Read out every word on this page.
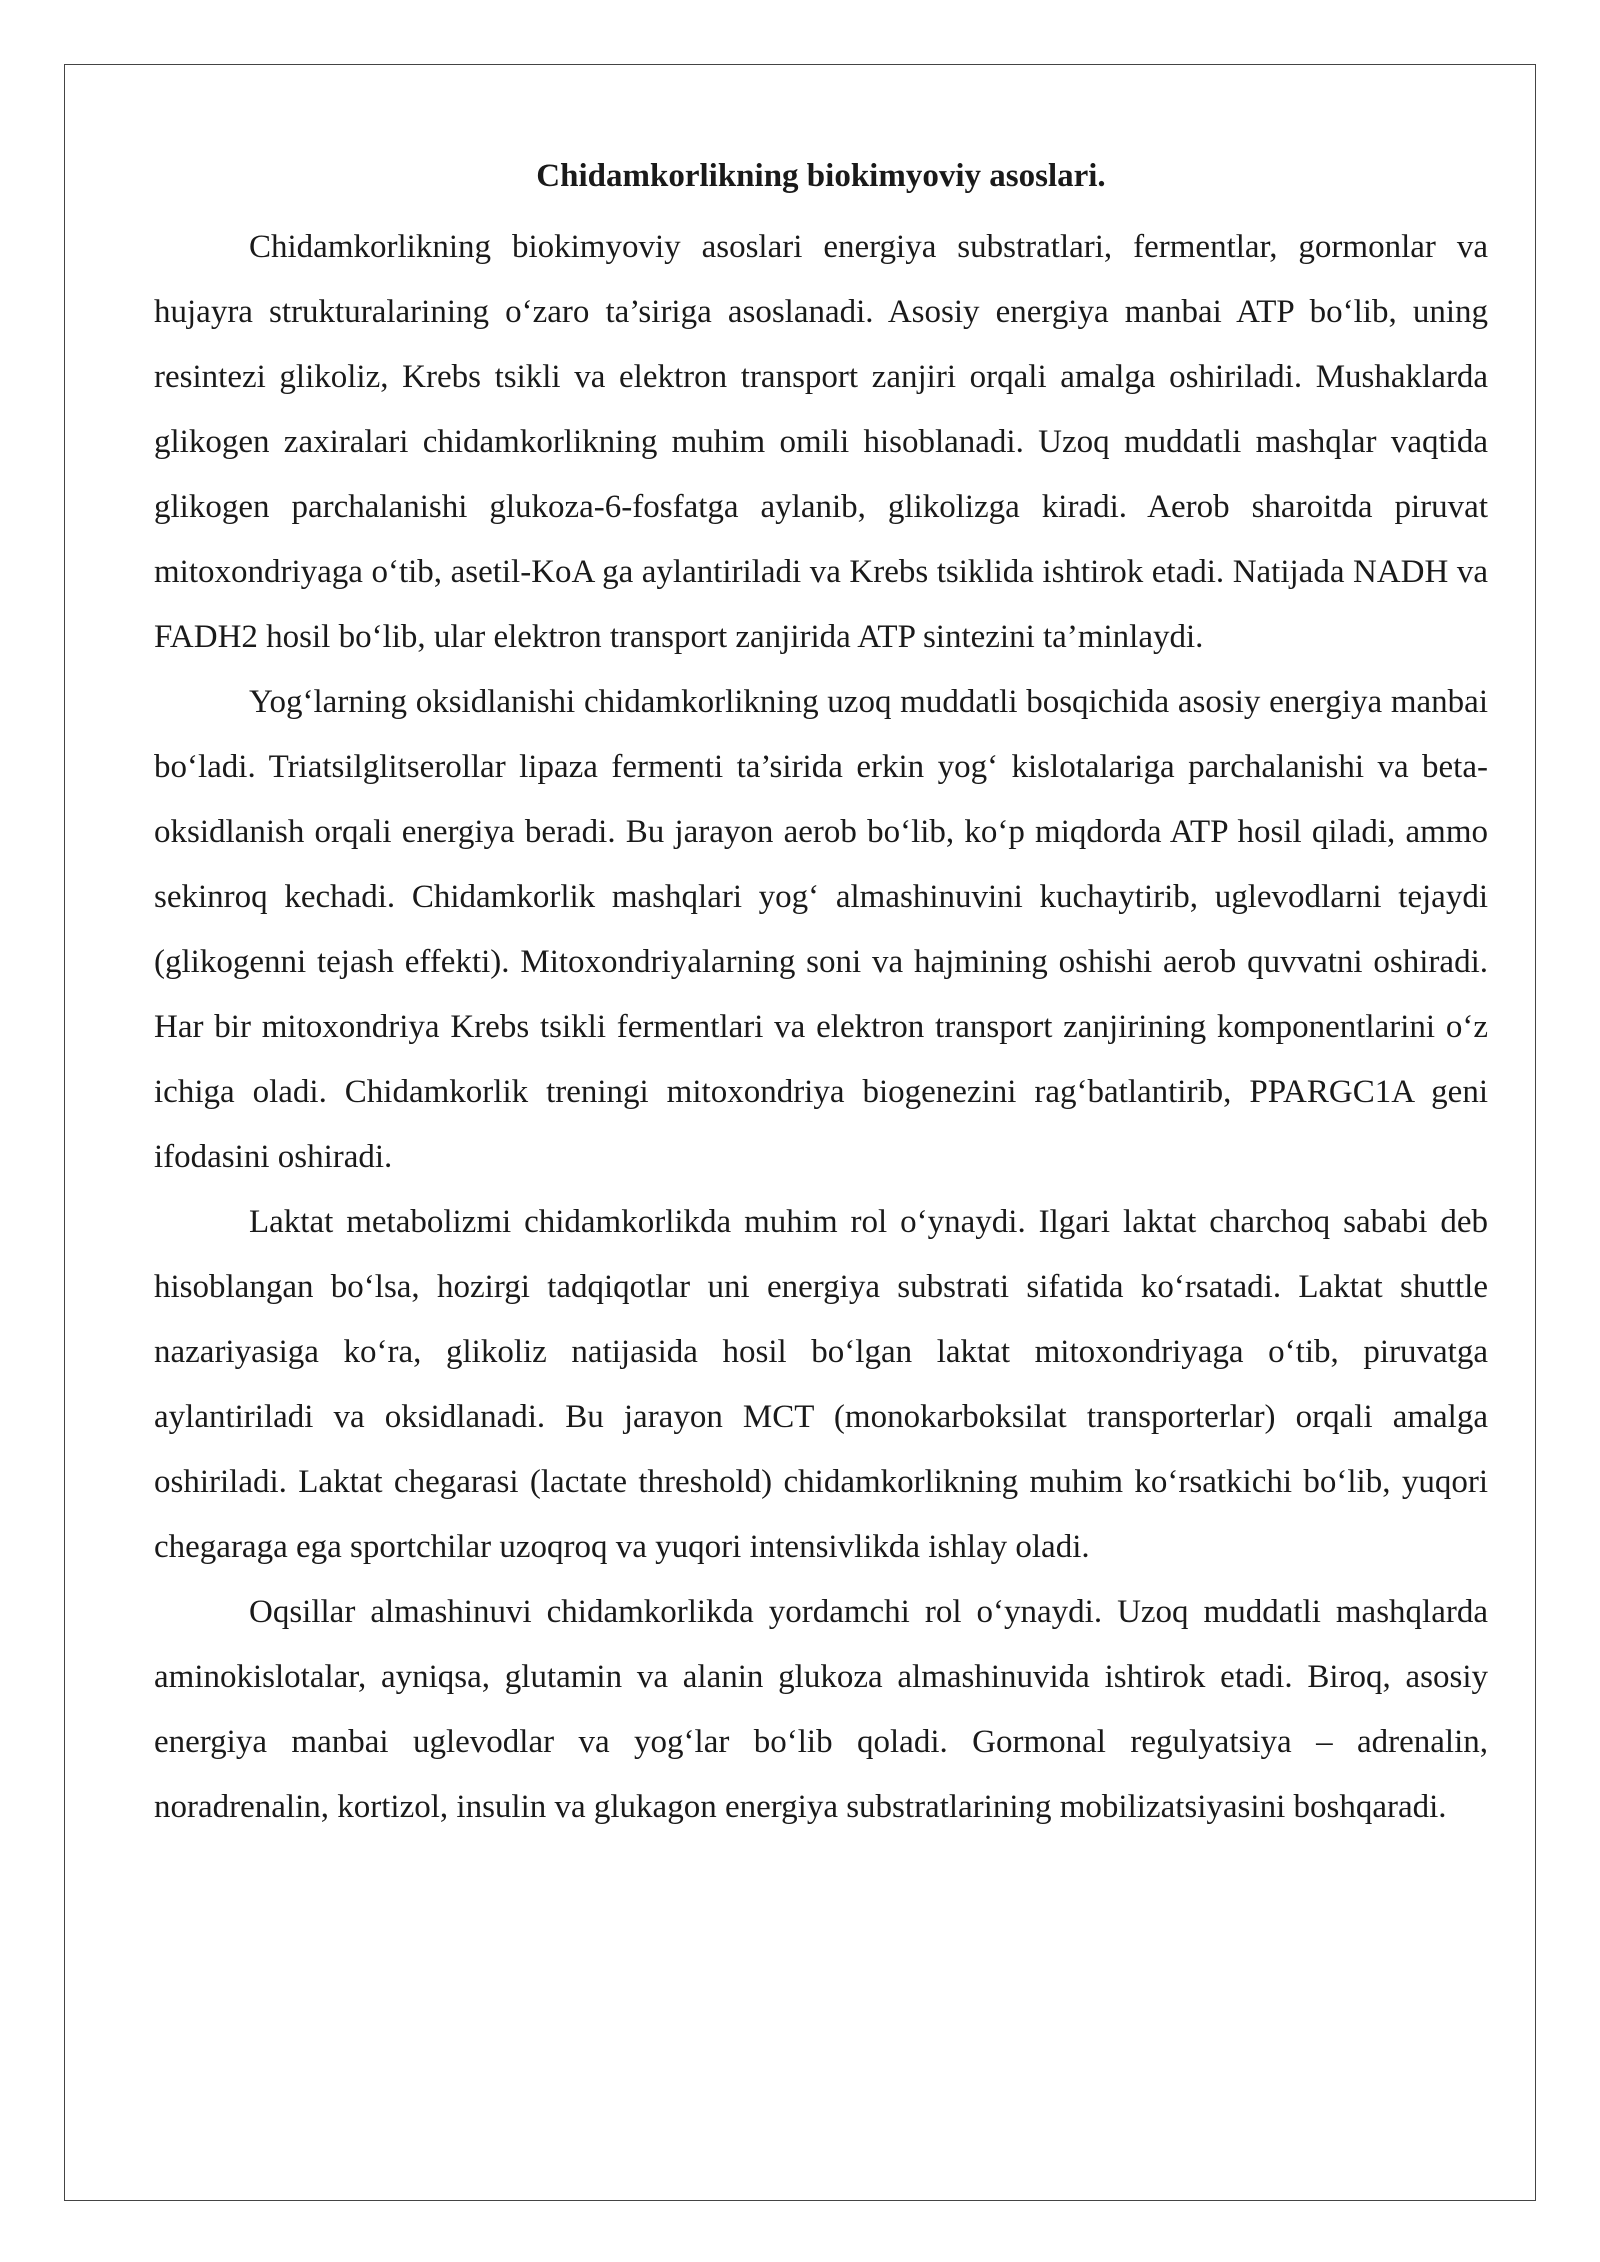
Chidamkorlikning biokimyoviy asoslari.

Chidamkorlikning biokimyoviy asoslari energiya substratlari, fermentlar, gormonlar va hujayra strukturalarining o‘zaro ta’siriga asoslanadi. Asosiy energiya manbai ATP bo‘lib, uning resintezi glikoliz, Krebs tsikli va elektron transport zanjiri orqali amalga oshiriladi. Mushaklarda glikogen zaxiralari chidamkorlikning muhim omili hisoblanadi. Uzoq muddatli mashqlar vaqtida glikogen parchalanishi glukoza-6-fosfatga aylanib, glikolizga kiradi. Aerob sharoitda piruvat mitoxondriyaga o‘tib, asetil-KoA ga aylantiriladi va Krebs tsiklida ishtirok etadi. Natijada NADH va FADH2 hosil bo‘lib, ular elektron transport zanjirida ATP sintezini ta’minlaydi.

Yog‘larning oksidlanishi chidamkorlikning uzoq muddatli bosqichida asosiy energiya manbai bo‘ladi. Triatsilglitserollar lipaza fermenti ta’sirida erkin yog‘ kislotalariga parchalanishi va beta-oksidlanish orqali energiya beradi. Bu jarayon aerob bo‘lib, ko‘p miqdorda ATP hosil qiladi, ammo sekinroq kechadi. Chidamkorlik mashqlari yog‘ almashinuvini kuchaytirib, uglevodlarni tejaydi (glikogenni tejash effekti). Mitoxondriyalarning soni va hajmining oshishi aerob quvvatni oshiradi. Har bir mitoxondriya Krebs tsikli fermentlari va elektron transport zanjirining komponentlarini o‘z ichiga oladi. Chidamkorlik treningi mitoxondriya biogenezini rag‘batlantirib, PPARGC1A geni ifodasini oshiradi.

Laktat metabolizmi chidamkorlikda muhim rol o‘ynaydi. Ilgari laktat charchoq sababi deb hisoblangan bo‘lsa, hozirgi tadqiqotlar uni energiya substrati sifatida ko‘rsatadi. Laktat shuttle nazariyasiga ko‘ra, glikoliz natijasida hosil bo‘lgan laktat mitoxondriyaga o‘tib, piruvatga aylantiriladi va oksidlanadi. Bu jarayon MCT (monokarboksilat transporterlar) orqali amalga oshiriladi. Laktat chegarasi (lactate threshold) chidamkorlikning muhim ko‘rsatkichi bo‘lib, yuqori chegaraga ega sportchilar uzoqroq va yuqori intensivlikda ishlay oladi.

Oqsillar almashinuvi chidamkorlikda yordamchi rol o‘ynaydi. Uzoq muddatli mashqlarda aminokislotalar, ayniqsa, glutamin va alanin glukoza almashinuvida ishtirok etadi. Biroq, asosiy energiya manbai uglevodlar va yog‘lar bo‘lib qoladi. Gormonal regulyatsiya – adrenalin, noradrenalin, kortizol, insulin va glukagon energiya substratlarining mobilizatsiyasini boshqaradi.
